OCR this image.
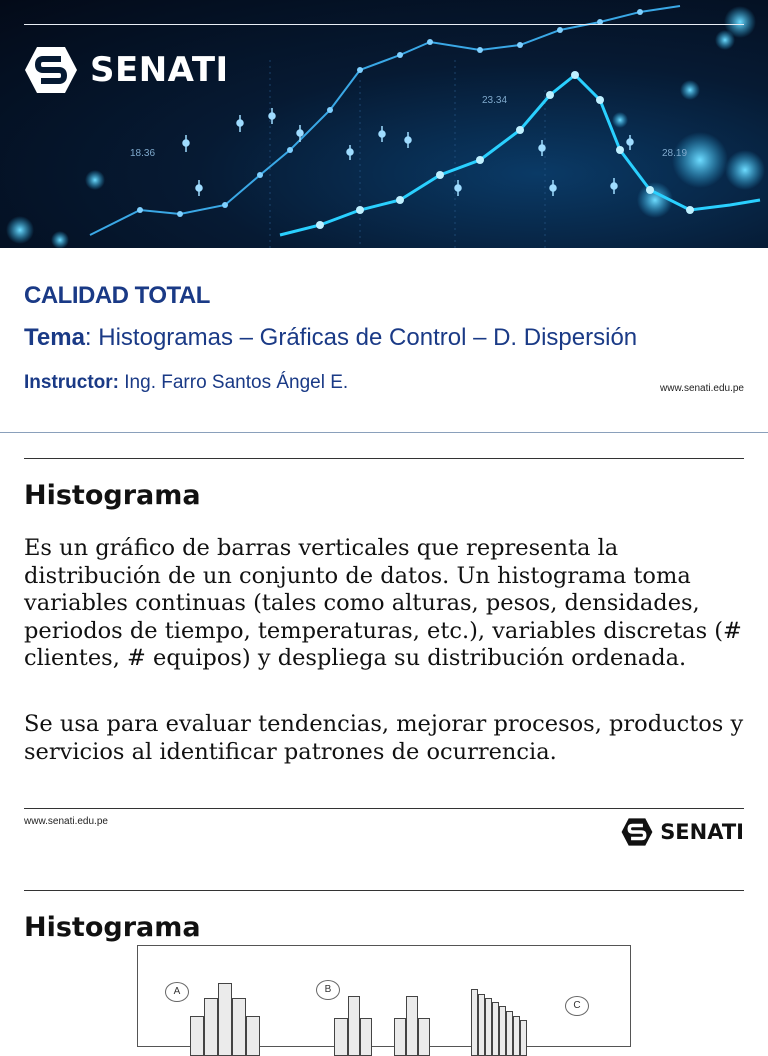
23.34
18.36	28.19
SENATI
CALIDAD TOTAL
Tema: Histogramas – Gráficas de Control – D. Dispersión
Instructor: Ing. Farro Santos Ángel E.	www.senati.edu.pe
Histograma

Es un gráfico de barras verticales que representa la distribución de un conjunto de datos. Un histograma toma variables continuas (tales como alturas, pesos, densidades, periodos de tiempo, temperaturas, etc.), variables discretas (# clientes, # equipos) y despliega su distribución ordenada.

Se usa para evaluar tendencias, mejorar procesos, productos y servicios al identificar patrones de ocurrencia.

www.senati.edu.pe	SENATI
Histograma
A	B
C
